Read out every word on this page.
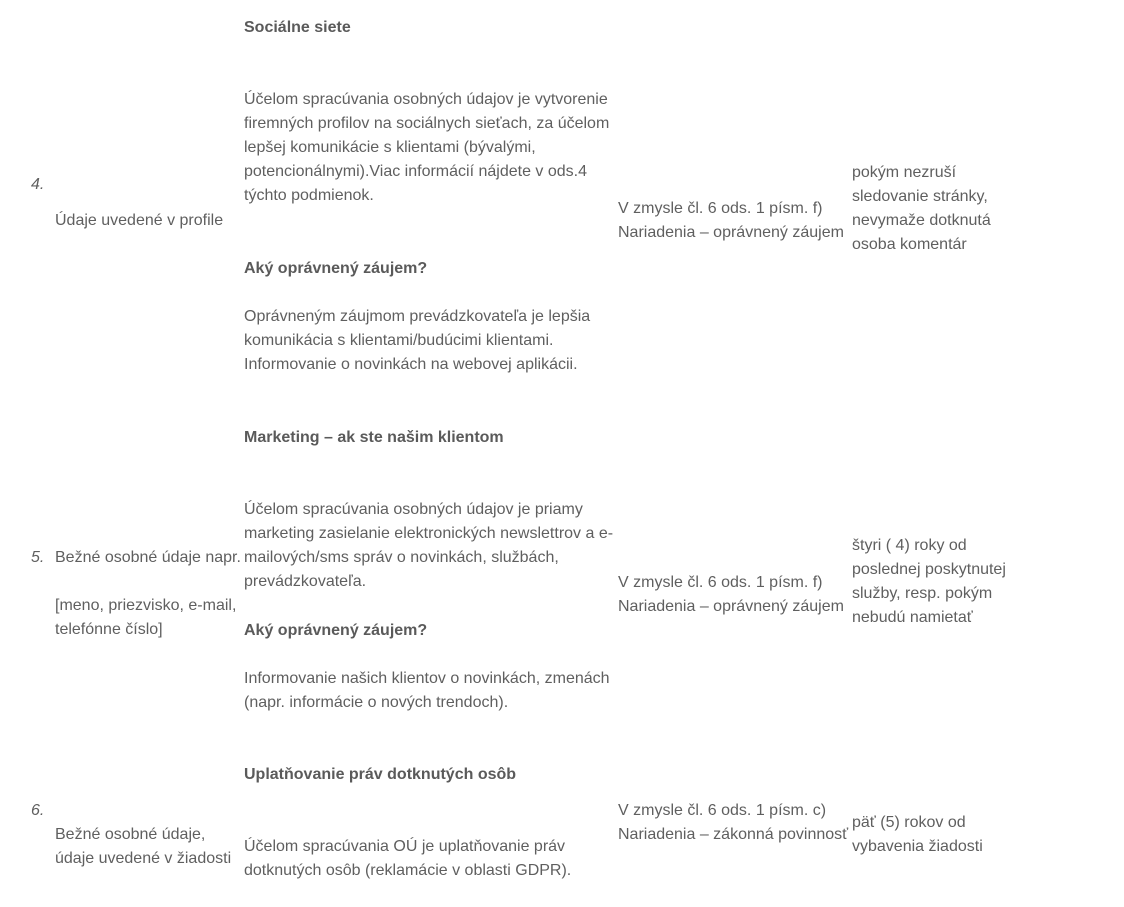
4.
Údaje uvedené v profile

Sociálne siete

Účelom spracúvania osobných údajov je vytvorenie firemných profilov na sociálnych sieťach, za účelom lepšej komunikácie s klientami (bývalými, potencionálnymi).Viac informácií nájdete v ods.4 týchto podmienok.

Aký oprávnený záujem?

Oprávneným záujmom prevádzkovateľa je lepšia komunikácia s klientami/budúcimi klientami. Informovanie o novinkách na webovej aplikácii.

V zmysle čl. 6 ods. 1 písm. f) Nariadenia – oprávnený záujem
pokým nezruší sledovanie stránky, nevymaže dotknutá osoba komentár
5. Bežné osobné údaje napr.

[meno, priezvisko, e-mail, telefónne číslo]

Marketing – ak ste našim klientom

Účelom spracúvania osobných údajov je priamy marketing zasielanie elektronických newslettrov a e-mailových/sms správ o novinkách, službách, prevádzkovateľa.

Aký oprávnený záujem?

Informovanie našich klientov o novinkách, zmenách (napr. informácie o nových trendoch).

V zmysle čl. 6 ods. 1 písm. f) Nariadenia – oprávnený záujem
štyri ( 4) roky od poslednej poskytnutej služby, resp. pokým nebudú namietať
6.
Bežné osobné údaje, údaje uvedené v žiadosti

Uplatňovanie práv dotknutých osôb

Účelom spracúvania OÚ je uplatňovanie práv dotknutých osôb (reklamácie v oblasti GDPR).

V zmysle čl. 6 ods. 1 písm. c) Nariadenia – zákonná povinnosť
päť (5) rokov od vybavenia žiadosti
